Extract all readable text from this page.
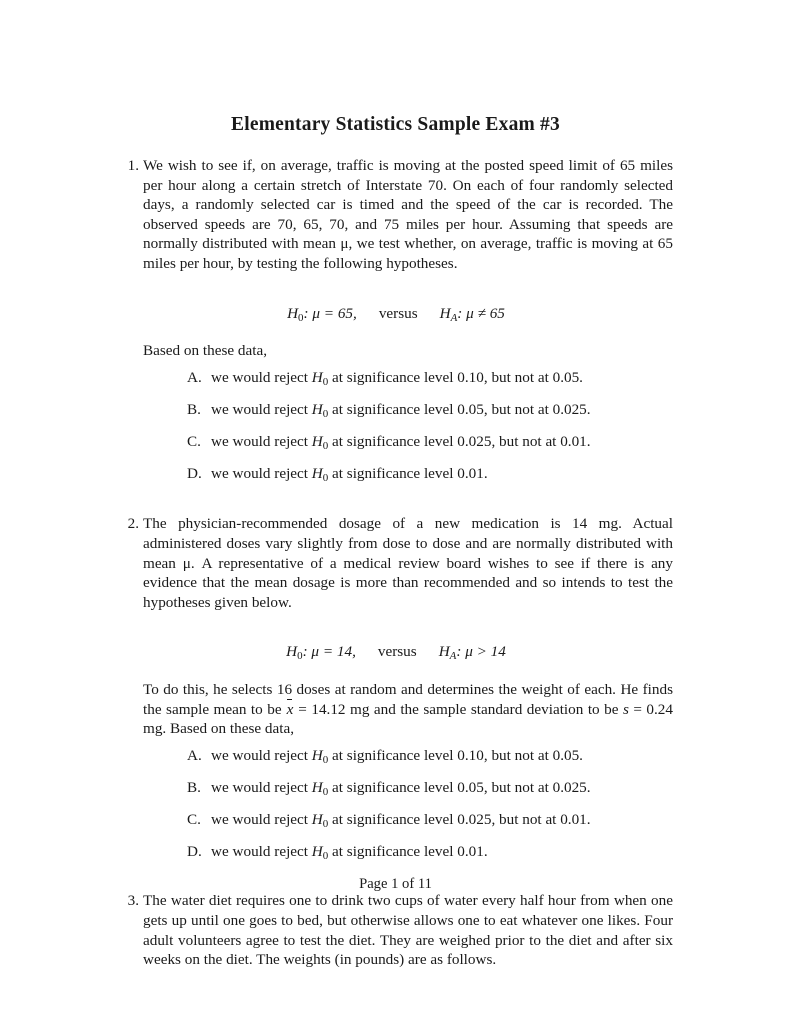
Elementary Statistics Sample Exam #3
1. We wish to see if, on average, traffic is moving at the posted speed limit of 65 miles per hour along a certain stretch of Interstate 70. On each of four randomly selected days, a randomly selected car is timed and the speed of the car is recorded. The observed speeds are 70, 65, 70, and 75 miles per hour. Assuming that speeds are normally distributed with mean μ, we test whether, on average, traffic is moving at 65 miles per hour, by testing the following hypotheses.
$H_0$: μ = 65, versus $H_A$: μ ≠ 65
Based on these data,
A. we would reject $H_0$ at significance level 0.10, but not at 0.05.
B. we would reject $H_0$ at significance level 0.05, but not at 0.025.
C. we would reject $H_0$ at significance level 0.025, but not at 0.01.
D. we would reject $H_0$ at significance level 0.01.
2. The physician-recommended dosage of a new medication is 14 mg. Actual administered doses vary slightly from dose to dose and are normally distributed with mean μ. A representative of a medical review board wishes to see if there is any evidence that the mean dosage is more than recommended and so intends to test the hypotheses given below.
$H_0$: μ = 14, versus $H_A$: μ > 14
To do this, he selects 16 doses at random and determines the weight of each. He finds the sample mean to be x = 14.12 mg and the sample standard deviation to be s = 0.24 mg. Based on these data,
A. we would reject $H_0$ at significance level 0.10, but not at 0.05.
B. we would reject $H_0$ at significance level 0.05, but not at 0.025.
C. we would reject $H_0$ at significance level 0.025, but not at 0.01.
D. we would reject $H_0$ at significance level 0.01.
3. The water diet requires one to drink two cups of water every half hour from when one gets up until one goes to bed, but otherwise allows one to eat whatever one likes. Four adult volunteers agree to test the diet. They are weighed prior to the diet and after six weeks on the diet. The weights (in pounds) are as follows.
Page 1 of 11
